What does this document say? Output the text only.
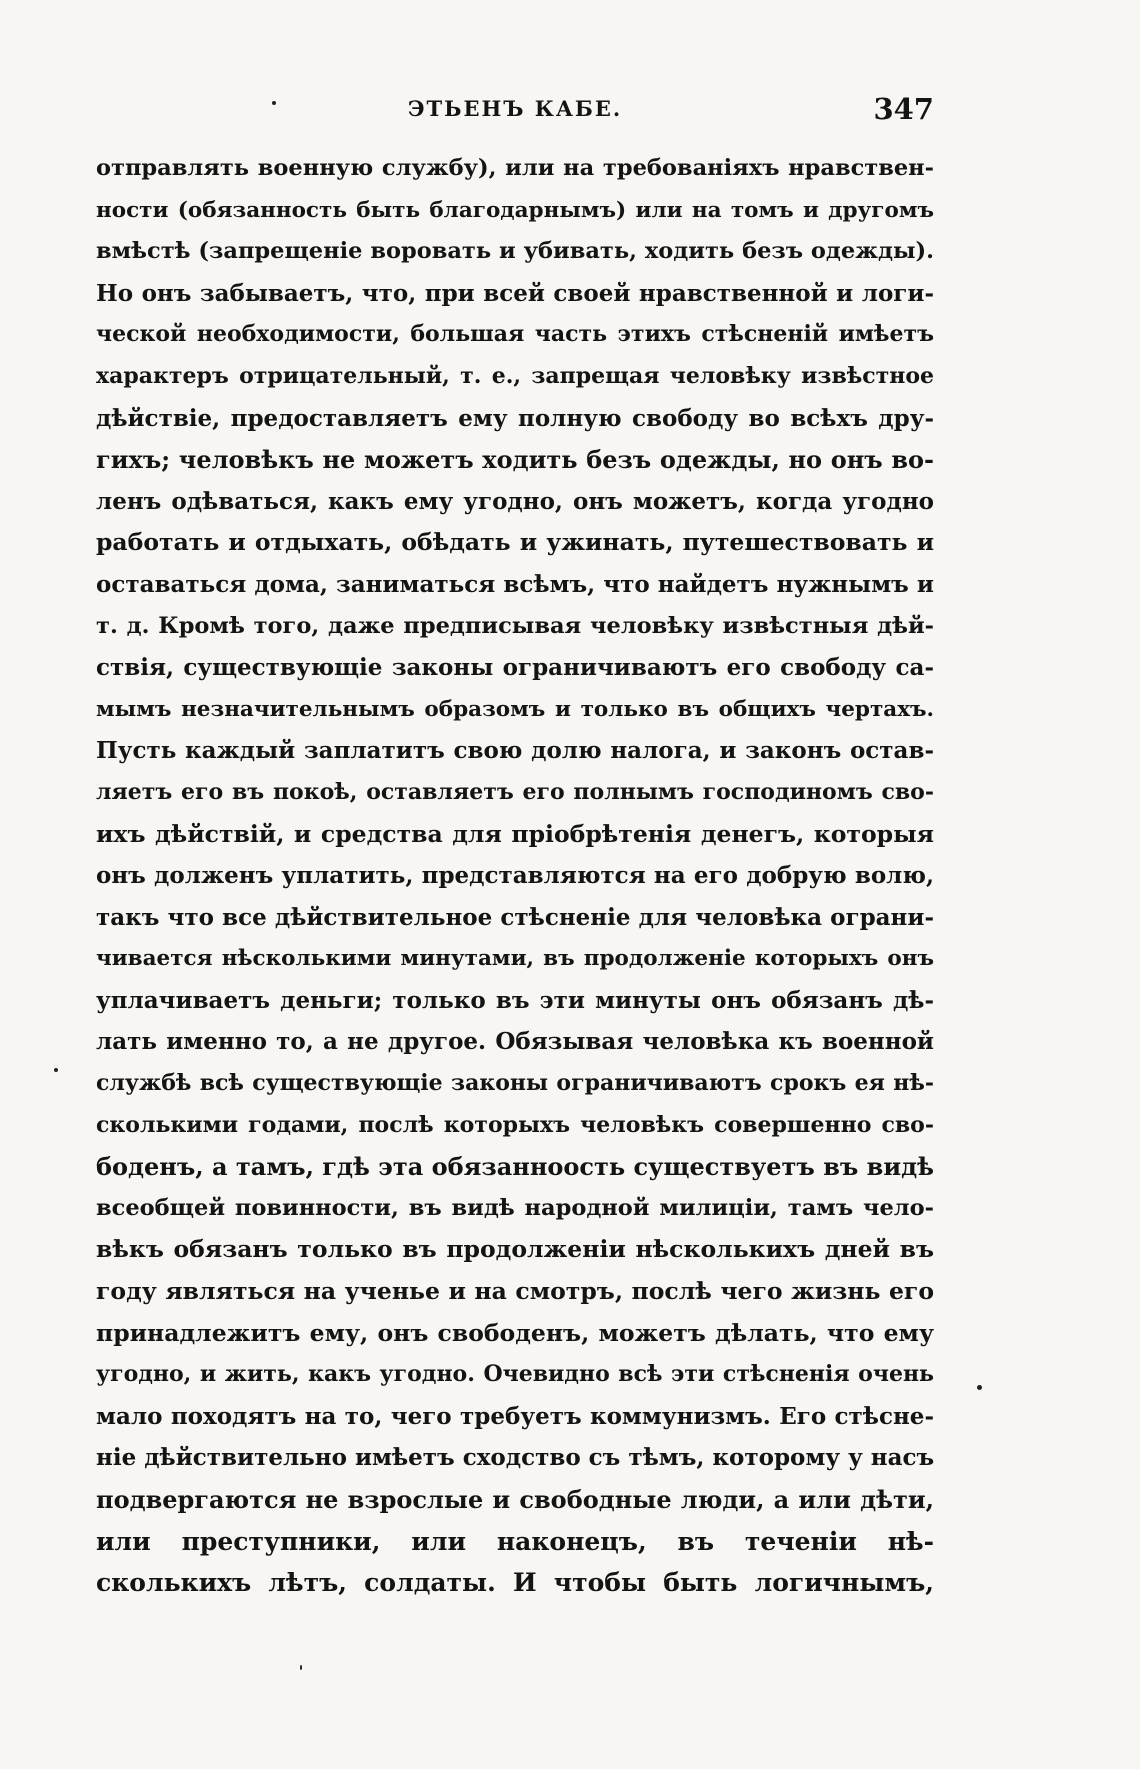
ЭТЬЕНЪ КАБЕ.	347
отправлять военную службу), или на требованіяхъ нравствен-
ности (обязанность быть благодарнымъ) или на томъ и другомъ
вмѣстѣ (запрещеніе воровать и убивать, ходить безъ одежды).
Но онъ забываетъ, что, при всей своей нравственной и логи-
ческой необходимости, большая часть этихъ стѣсненій имѣетъ
характеръ отрицательный, т. е., запрещая человѣку извѣстное
дѣйствіе, предоставляетъ ему полную свободу во всѣхъ дру-
гихъ; человѣкъ не можетъ ходить безъ одежды, но онъ во-
ленъ одѣваться, какъ ему угодно, онъ можетъ, когда угодно
работать и отдыхать, обѣдать и ужинать, путешествовать и
оставаться дома, заниматься всѣмъ, что найдетъ нужнымъ и
т. д. Кромѣ того, даже предписывая человѣку извѣстныя дѣй-
ствія, существующіе законы ограничиваютъ его свободу са-
мымъ незначительнымъ образомъ и только въ общихъ чертахъ.
Пусть каждый заплатитъ свою долю налога, и законъ остав-
ляетъ его въ покоѣ, оставляетъ его полнымъ господиномъ сво-
ихъ дѣйствій, и средства для пріобрѣтенія денегъ, которыя
онъ долженъ уплатить, представляются на его добрую волю,
такъ что все дѣйствительное стѣсненіе для человѣка ограни-
чивается нѣсколькими минутами, въ продолженіе которыхъ онъ
уплачиваетъ деньги; только въ эти минуты онъ обязанъ дѣ-
лать именно то, а не другое. Обязывая человѣка къ военной
службѣ всѣ существующіе законы ограничиваютъ срокъ ея нѣ-
сколькими годами, послѣ которыхъ человѣкъ совершенно сво-
боденъ, а тамъ, гдѣ эта обязанноость существуетъ въ видѣ
всеобщей повинности, въ видѣ народной милиціи, тамъ чело-
вѣкъ обязанъ только въ продолженіи нѣсколькихъ дней въ
году являться на ученье и на смотръ, послѣ чего жизнь его
принадлежитъ ему, онъ свободенъ, можетъ дѣлать, что ему
угодно, и жить, какъ угодно. Очевидно всѣ эти стѣсненія очень
мало походятъ на то, чего требуетъ коммунизмъ. Его стѣсне-
ніе дѣйствительно имѣетъ сходство съ тѣмъ, которому у насъ
подвергаются не взрослые и свободные люди, а или дѣти,
или преступники, или наконецъ, въ теченіи нѣ-
сколькихъ лѣтъ, солдаты. И чтобы быть логичнымъ,
